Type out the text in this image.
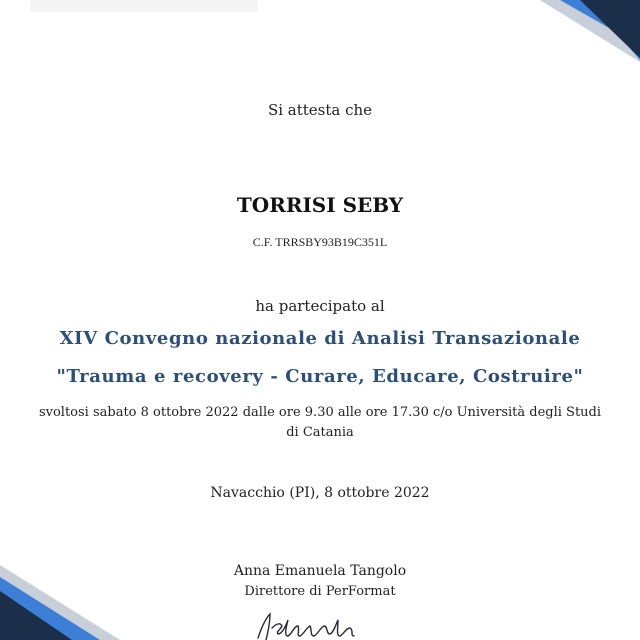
Si attesta che
TORRISI SEBY
C.F. TRRSBY93B19C351L
ha partecipato al
XIV Convegno nazionale di Analisi Transazionale
"Trauma e recovery - Curare, Educare, Costruire"
svoltosi sabato 8 ottobre 2022 dalle ore 9.30 alle ore 17.30 c/o Università degli Studi di Catania
Navacchio (PI), 8 ottobre 2022
Anna Emanuela Tangolo
Direttore di PerFormat
